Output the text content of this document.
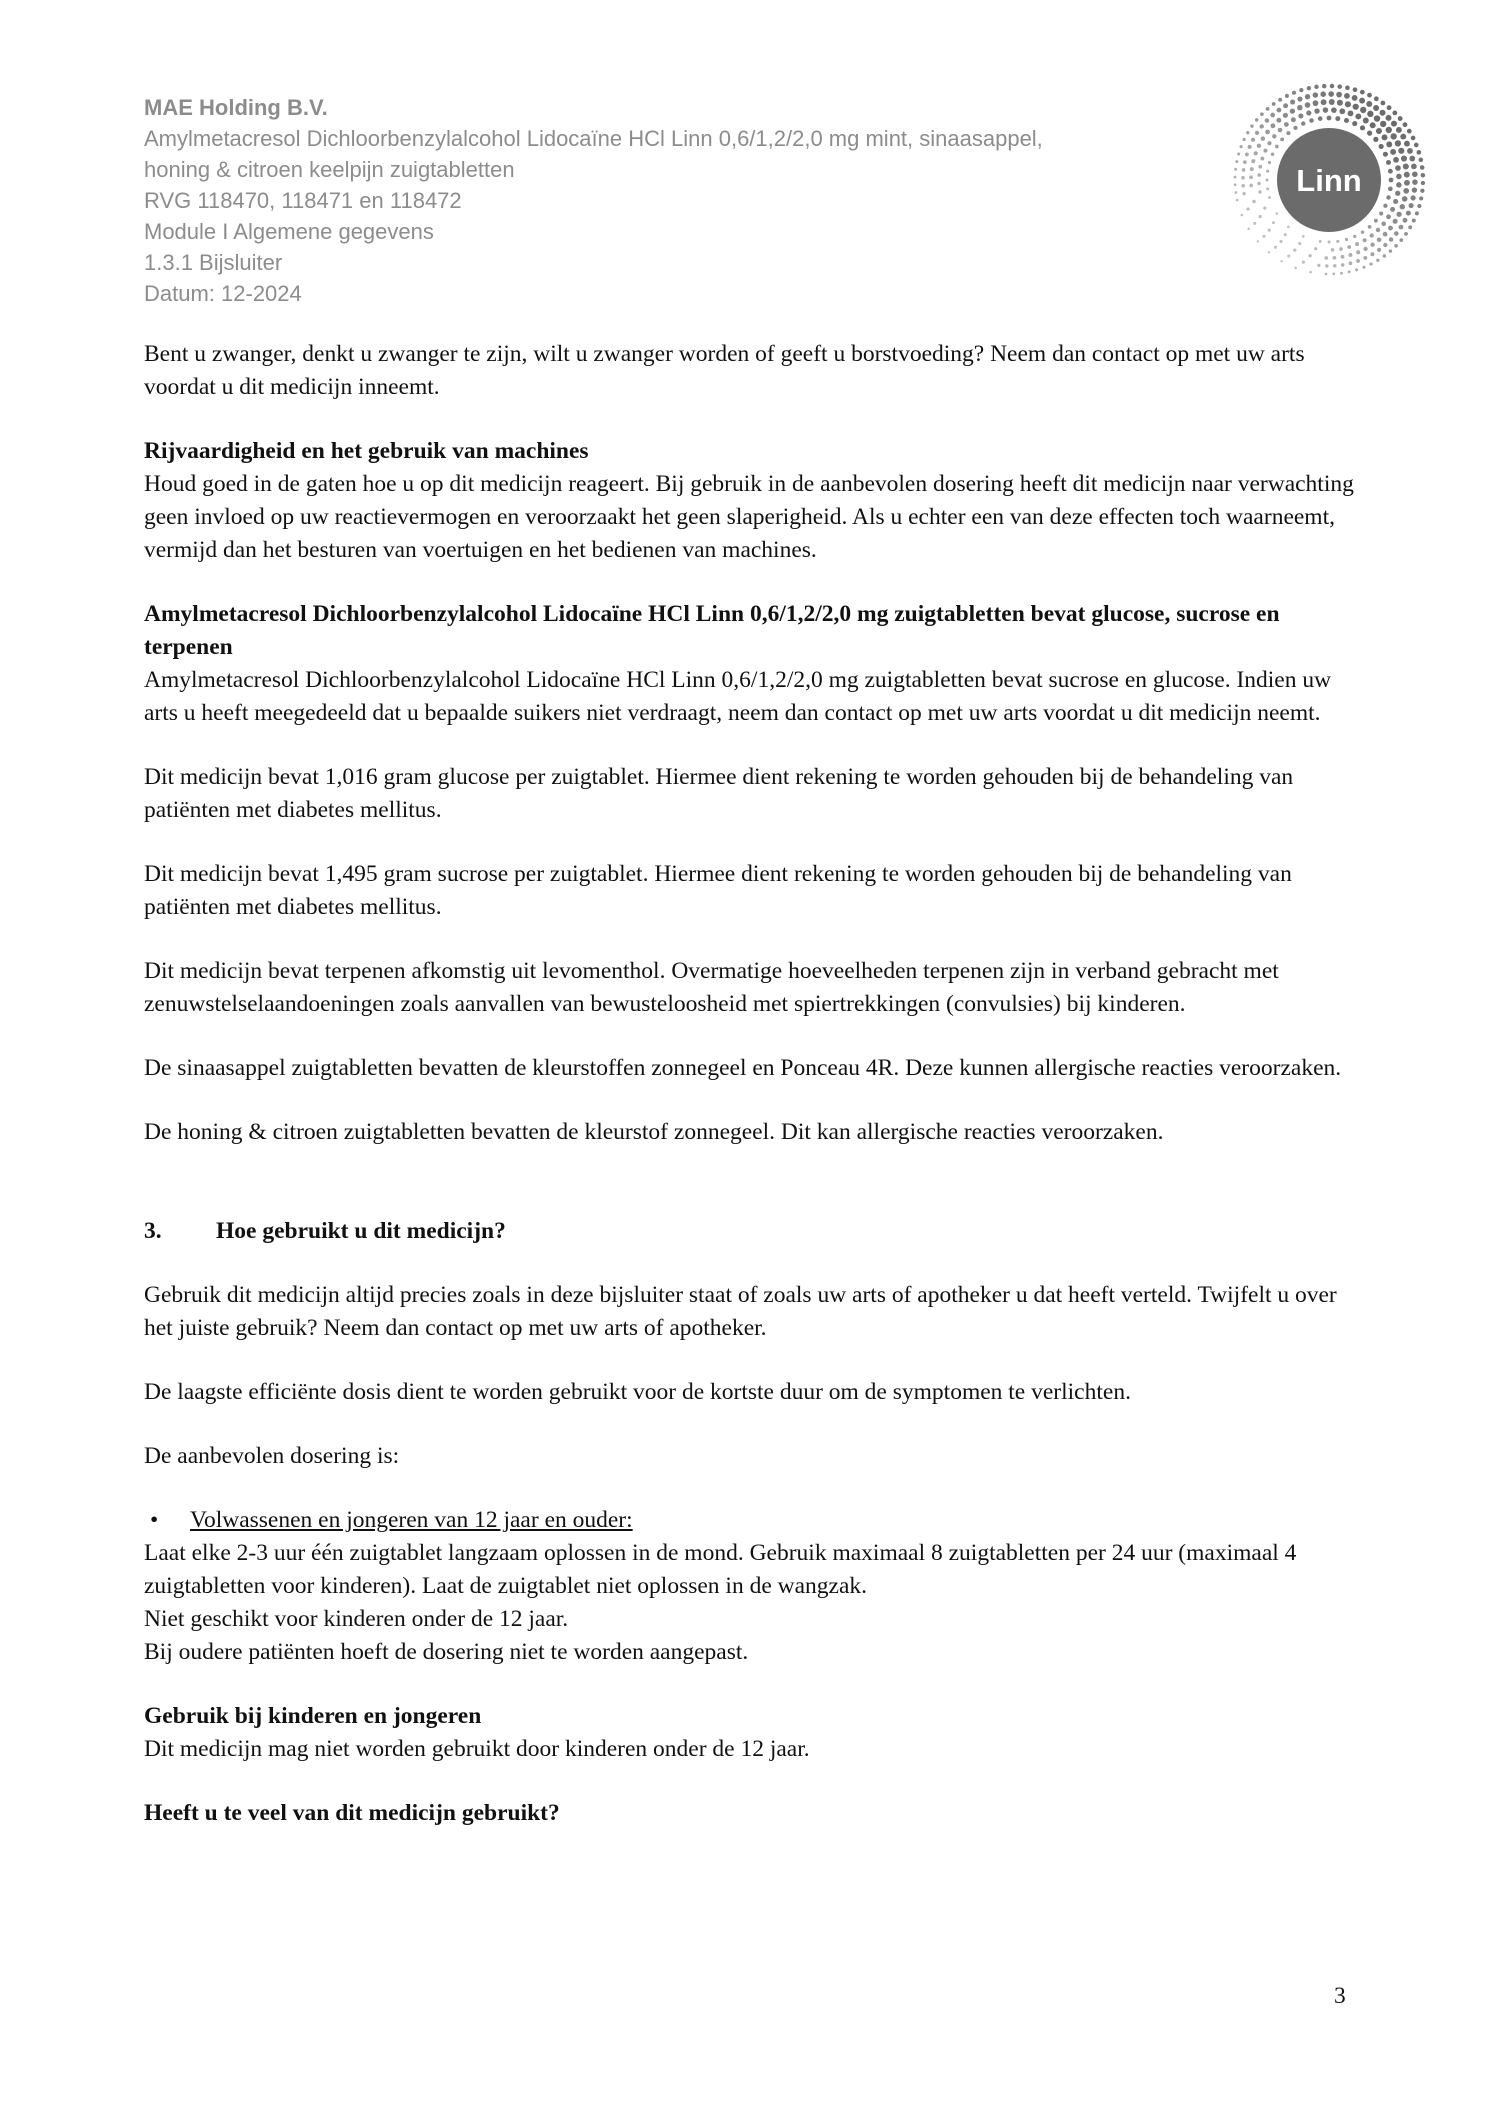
MAE Holding B.V.
Amylmetacresol Dichloorbenzylalcohol Lidocaïne HCl Linn 0,6/1,2/2,0 mg mint, sinaasappel,
honing & citroen keelpijn zuigtabletten
RVG 118470, 118471 en 118472
Module I Algemene gegevens
1.3.1 Bijsluiter
Datum: 12-2024
Linn

Bent u zwanger, denkt u zwanger te zijn, wilt u zwanger worden of geeft u borstvoeding? Neem dan contact op met uw arts voordat u dit medicijn inneemt.

Rijvaardigheid en het gebruik van machines

Houd goed in de gaten hoe u op dit medicijn reageert. Bij gebruik in de aanbevolen dosering heeft dit medicijn naar verwachting geen invloed op uw reactievermogen en veroorzaakt het geen slaperigheid. Als u echter een van deze effecten toch waarneemt, vermijd dan het besturen van voertuigen en het bedienen van machines.

Amylmetacresol Dichloorbenzylalcohol Lidocaïne HCl Linn 0,6/1,2/2,0 mg zuigtabletten bevat glucose, sucrose en terpenen

Amylmetacresol Dichloorbenzylalcohol Lidocaïne HCl Linn 0,6/1,2/2,0 mg zuigtabletten bevat sucrose en glucose. Indien uw arts u heeft meegedeeld dat u bepaalde suikers niet verdraagt, neem dan contact op met uw arts voordat u dit medicijn neemt.

Dit medicijn bevat 1,016 gram glucose per zuigtablet. Hiermee dient rekening te worden gehouden bij de behandeling van patiënten met diabetes mellitus.

Dit medicijn bevat 1,495 gram sucrose per zuigtablet. Hiermee dient rekening te worden gehouden bij de behandeling van patiënten met diabetes mellitus.

Dit medicijn bevat terpenen afkomstig uit levomenthol. Overmatige hoeveelheden terpenen zijn in verband gebracht met zenuwstelselaandoeningen zoals aanvallen van bewusteloosheid met spiertrekkingen (convulsies) bij kinderen.

De sinaasappel zuigtabletten bevatten de kleurstoffen zonnegeel en Ponceau 4R. Deze kunnen allergische reacties veroorzaken.

De honing & citroen zuigtabletten bevatten de kleurstof zonnegeel. Dit kan allergische reacties veroorzaken.

3.	Hoe gebruikt u dit medicijn?

Gebruik dit medicijn altijd precies zoals in deze bijsluiter staat of zoals uw arts of apotheker u dat heeft verteld. Twijfelt u over het juiste gebruik? Neem dan contact op met uw arts of apotheker.

De laagste efficiënte dosis dient te worden gebruikt voor de kortste duur om de symptomen te verlichten.

De aanbevolen dosering is:

•	Volwassenen en jongeren van 12 jaar en ouder:

Laat elke 2-3 uur één zuigtablet langzaam oplossen in de mond. Gebruik maximaal 8 zuigtabletten per 24 uur (maximaal 4 zuigtabletten voor kinderen). Laat de zuigtablet niet oplossen in de wangzak.

Niet geschikt voor kinderen onder de 12 jaar.

Bij oudere patiënten hoeft de dosering niet te worden aangepast.

Gebruik bij kinderen en jongeren

Dit medicijn mag niet worden gebruikt door kinderen onder de 12 jaar.

Heeft u te veel van dit medicijn gebruikt?
3
